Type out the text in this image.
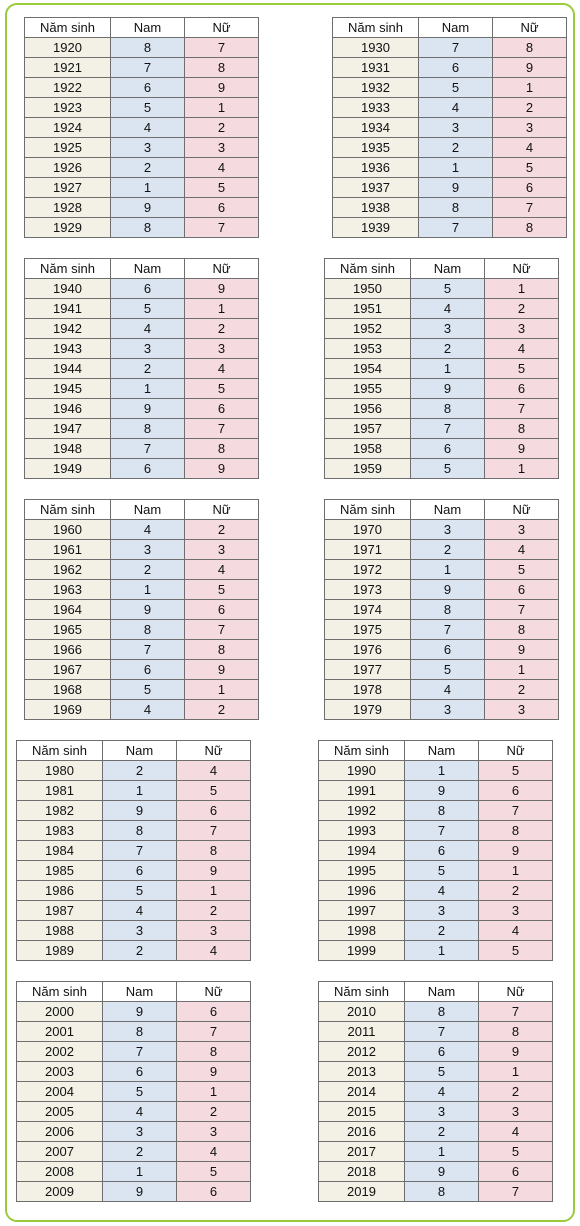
Năm sinh	Nam	Nữ
1920	8	7
1921	7	8
1922	6	9
1923	5	1
1924	4	2
1925	3	3
1926	2	4
1927	1	5
1928	9	6
1929	8	7
Năm sinh	Nam	Nữ
1930	7	8
1931	6	9
1932	5	1
1933	4	2
1934	3	3
1935	2	4
1936	1	5
1937	9	6
1938	8	7
1939	7	8
Năm sinh	Nam	Nữ
1940	6	9
1941	5	1
1942	4	2
1943	3	3
1944	2	4
1945	1	5
1946	9	6
1947	8	7
1948	7	8
1949	6	9
Năm sinh	Nam	Nữ
1950	5	1
1951	4	2
1952	3	3
1953	2	4
1954	1	5
1955	9	6
1956	8	7
1957	7	8
1958	6	9
1959	5	1
Năm sinh	Nam	Nữ
1960	4	2
1961	3	3
1962	2	4
1963	1	5
1964	9	6
1965	8	7
1966	7	8
1967	6	9
1968	5	1
1969	4	2
Năm sinh	Nam	Nữ
1970	3	3
1971	2	4
1972	1	5
1973	9	6
1974	8	7
1975	7	8
1976	6	9
1977	5	1
1978	4	2
1979	3	3
Năm sinh	Nam	Nữ
1980	2	4
1981	1	5
1982	9	6
1983	8	7
1984	7	8
1985	6	9
1986	5	1
1987	4	2
1988	3	3
1989	2	4
Năm sinh	Nam	Nữ
1990	1	5
1991	9	6
1992	8	7
1993	7	8
1994	6	9
1995	5	1
1996	4	2
1997	3	3
1998	2	4
1999	1	5
Năm sinh	Nam	Nữ
2000	9	6
2001	8	7
2002	7	8
2003	6	9
2004	5	1
2005	4	2
2006	3	3
2007	2	4
2008	1	5
2009	9	6
Năm sinh	Nam	Nữ
2010	8	7
2011	7	8
2012	6	9
2013	5	1
2014	4	2
2015	3	3
2016	2	4
2017	1	5
2018	9	6
2019	8	7
